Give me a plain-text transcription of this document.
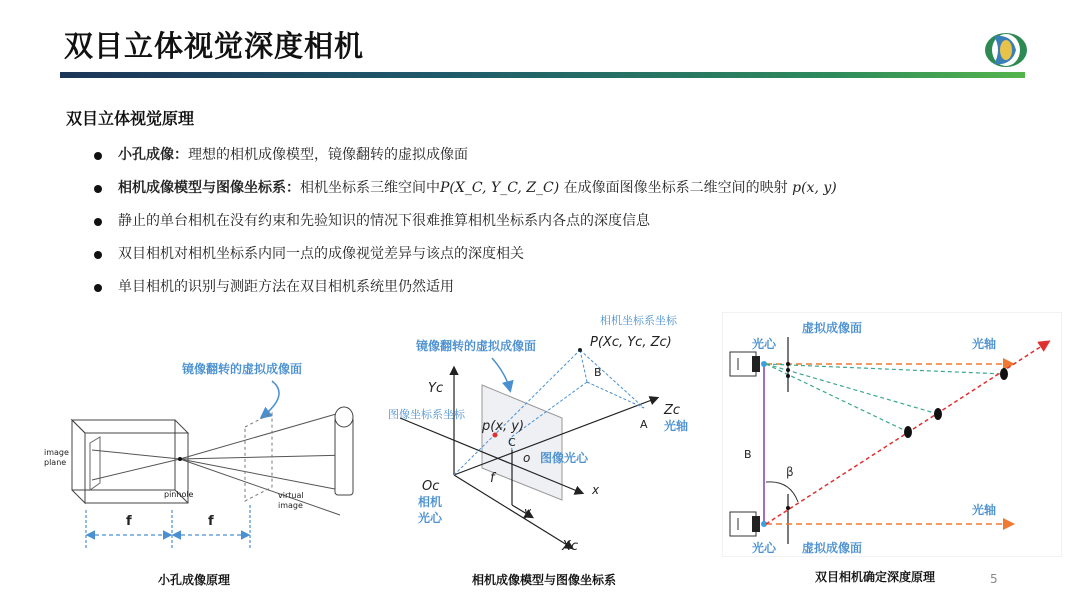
双目立体视觉深度相机
双目立体视觉原理
小孔成像：理想的相机成像模型，镜像翻转的虚拟成像面
相机成像模型与图像坐标系：相机坐标系三维空间中P(X_C, Y_C, Z_C) 在成像面图像坐标系二维空间的映射 p(x, y)
静止的单台相机在没有约束和先验知识的情况下很难推算相机坐标系内各点的深度信息
双目相机对相机坐标系内同一点的成像视觉差异与该点的深度相关
单目相机的识别与测距方法在双目相机系统里仍然适用
镜像翻转的虚拟成像面
image
plane
pinhole	virtual
image
f	f
小孔成像原理
相机坐标系坐标
镜像翻转的虚拟成像面
图像坐标系坐标
P(Xc, Yc, Zc)
p(x, y)
B
A
C
o
Yc
Zc
Xc
Oc	x
y
f
光轴
图像光心
相机
光心
相机成像模型与图像坐标系
β
B
光心
虚拟成像面
光轴
光轴
光心 虚拟成像面
双目相机确定深度原理	5
